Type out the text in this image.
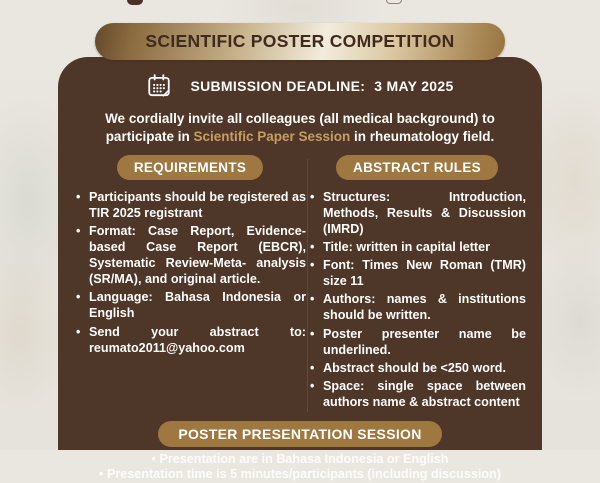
SCIENTIFIC POSTER COMPETITION
SUBMISSION DEADLINE: 3 MAY 2025

We cordially invite all colleagues (all medical background) to participate in Scientific Paper Session in rheumatology field.

REQUIREMENTS
• Participants should be registered as TIR 2025 registrant
• Format: Case Report, Evidence-based Case Report (EBCR), Systematic Review-Meta- analysis (SR/MA), and original article.
• Language: Bahasa Indonesia or English
• Send your abstract to: reumato2011@yahoo.com
ABSTRACT RULES
• Structures: Introduction, Methods, Results & Discussion (IMRD)
• Title: written in capital letter
• Font: Times New Roman (TMR) size 11
• Authors: names & institutions should be written.
• Poster presenter name be underlined.
• Abstract should be <250 word.
• Space: single space between authors name & abstract content
POSTER PRESENTATION SESSION
• Presentation are in Bahasa Indonesia or English
• Presentation time is 5 minutes/participants (including discussion)
